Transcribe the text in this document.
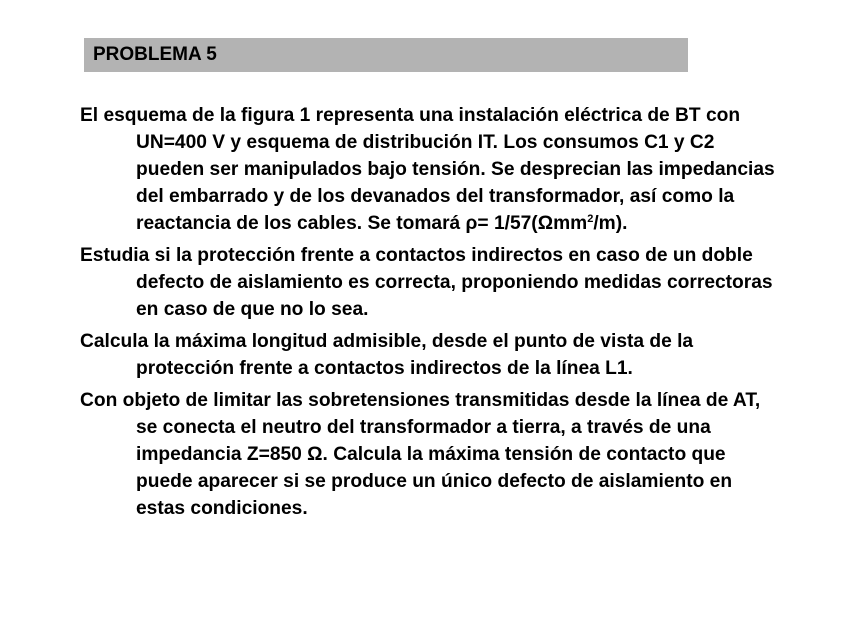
PROBLEMA 5

El esquema de la figura 1 representa una instalación eléctrica de BT con UN=400 V y esquema de distribución IT. Los consumos C1 y C2 pueden ser manipulados bajo tensión. Se desprecian las impedancias del embarrado y de los devanados del transformador, así como la reactancia de los cables. Se tomará ρ= 1/57(Ωmm$^2$/m).

Estudia si la protección frente a contactos indirectos en caso de un doble defecto de aislamiento es correcta, proponiendo medidas correctoras en caso de que no lo sea.

Calcula la máxima longitud admisible, desde el punto de vista de la protección frente a contactos indirectos de la línea L1.

Con objeto de limitar las sobretensiones transmitidas desde la línea de AT, se conecta el neutro del transformador a tierra, a través de una impedancia Z=850 Ω. Calcula la máxima tensión de contacto que puede aparecer si se produce un único defecto de aislamiento en estas condiciones.
